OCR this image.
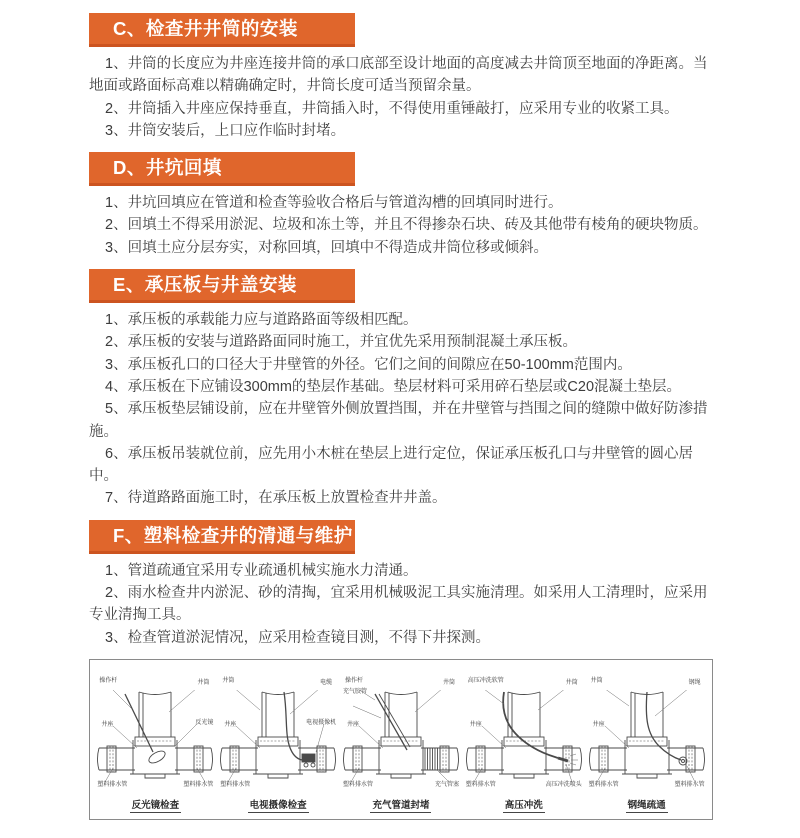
C、检查井井筒的安装

1、井筒的长度应为井座连接井筒的承口底部至设计地面的高度减去井筒顶至地面的净距离。当地面或路面标高难以精确确定时，井筒长度可适当预留余量。

2、井筒插入井座应保持垂直，井筒插入时，不得使用重锤敲打，应采用专业的收紧工具。

3、井筒安装后，上口应作临时封堵。

D、井坑回填

1、井坑回填应在管道和检查等验收合格后与管道沟槽的回填同时进行。

2、回填土不得采用淤泥、垃圾和冻土等，并且不得掺杂石块、砖及其他带有棱角的硬块物质。

3、回填土应分层夯实，对称回填，回填中不得造成井筒位移或倾斜。

E、承压板与井盖安装

1、承压板的承载能力应与道路路面等级相匹配。

2、承压板的安装与道路路面同时施工，并宜优先采用预制混凝土承压板。

3、承压板孔口的口径大于井壁管的外径。它们之间的间隙应在50-100mm范围内。

4、承压板在下应铺设300mm的垫层作基础。垫层材料可采用碎石垫层或C20混凝土垫层。

5、承压板垫层铺设前，应在井壁管外侧放置挡围，并在井壁管与挡围之间的缝隙中做好防渗措施。

6、承压板吊装就位前，应先用小木桩在垫层上进行定位，保证承压板孔口与井壁管的圆心居中。

7、待道路路面施工时，在承压板上放置检查井井盖。

F、塑料检查井的清通与维护

1、管道疏通宜采用专业疏通机械实施水力清通。

2、雨水检查井内淤泥、砂的清掏，宜采用机械吸泥工具实施清理。如采用人工清理时，应采用专业清掏工具。

3、检查管道淤泥情况，应采用检查镜目测，不得下井探测。

操作杆	井筒
井座	反光镜
塑料排水管	塑料排水管
反光镜检查
井筒	电缆
井座	电视摄像机
塑料排水管
电视摄像检查
操作杆
充气胶管
井筒
井座
塑料排水管	充气管塞
充气管道封堵
高压冲洗软管	井筒
井座
塑料排水管	高压冲洗喷头
高压冲洗
井筒	钢绳
井座
塑料排水管	塑料排水管
钢绳疏通
